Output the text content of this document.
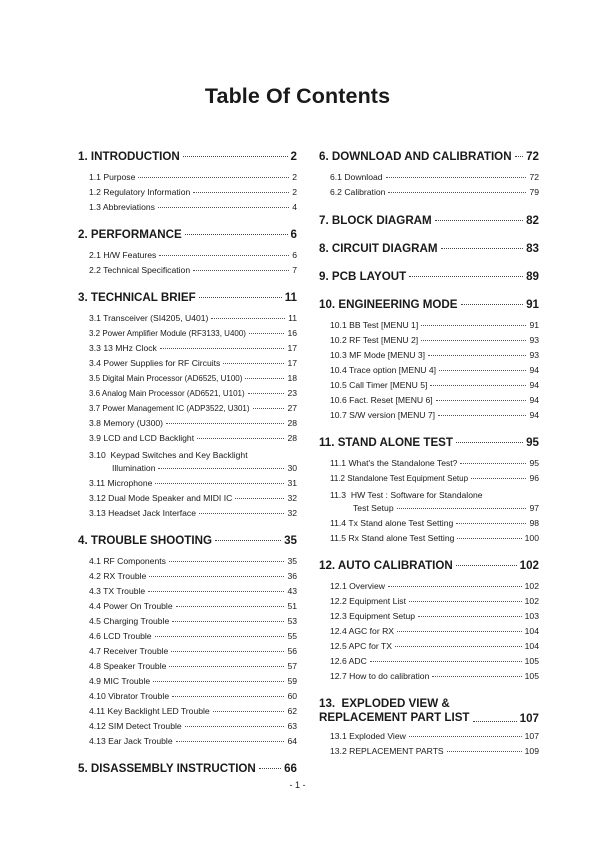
Table Of Contents
1. INTRODUCTION	2
1.1 Purpose	2
1.2 Regulatory Information	2
1.3 Abbreviations	4
2. PERFORMANCE	6
2.1 H/W Features	6
2.2 Technical Specification	7
3. TECHNICAL BRIEF	11
3.1 Transceiver (SI4205, U401)	11
3.2 Power Amplifier Module (RF3133, U400)	16
3.3 13 MHz Clock	17
3.4 Power Supplies for RF Circuits	17
3.5 Digital Main Processor (AD6525, U100)	18
3.6 Analog Main Processor (AD6521, U101)	23
3.7 Power Management IC (ADP3522, U301)	27
3.8 Memory (U300)	28
3.9 LCD and LCD Backlight	28
3.10  Keypad Switches and Key Backlight
Illumination	30
3.11 Microphone	31
3.12 Dual Mode Speaker and MIDI IC	32
3.13 Headset Jack Interface	32
4. TROUBLE SHOOTING	35
4.1 RF Components	35
4.2 RX Trouble	36
4.3 TX Trouble	43
4.4 Power On Trouble	51
4.5 Charging Trouble	53
4.6 LCD Trouble	55
4.7 Receiver Trouble	56
4.8 Speaker Trouble	57
4.9 MIC Trouble	59
4.10 Vibrator Trouble	60
4.11 Key Backlight LED Trouble	62
4.12 SIM Detect Trouble	63
4.13 Ear Jack Trouble	64
5. DISASSEMBLY INSTRUCTION 66
6. DOWNLOAD AND CALIBRATION 72
6.1 Download	72
6.2 Calibration	79
7. BLOCK DIAGRAM	82
8. CIRCUIT DIAGRAM	83
9. PCB LAYOUT	89
10. ENGINEERING MODE	91
10.1 BB Test [MENU 1]	91
10.2 RF Test [MENU 2]	93
10.3 MF Mode [MENU 3]	93
10.4 Trace option [MENU 4]	94
10.5 Call Timer [MENU 5]	94
10.6 Fact. Reset [MENU 6]	94
10.7 S/W version [MENU 7]	94
11. STAND ALONE TEST	95
11.1 What's the Standalone Test?	95
11.2 Standalone Test Equipment Setup	96
11.3  HW Test : Software for Standalone
Test Setup	97
11.4 Tx Stand alone Test Setting	98
11.5 Rx Stand alone Test Setting	100
12. AUTO CALIBRATION	102
12.1 Overview	102
12.2 Equipment List	102
12.3 Equipment Setup	103
12.4 AGC for RX	104
12.5 APC for TX	104
12.6 ADC	105
12.7 How to do calibration	105
13.  EXPLODED VIEW &
REPLACEMENT PART LIST	107
13.1 Exploded View	107
13.2 REPLACEMENT PARTS	109
- 1 -
